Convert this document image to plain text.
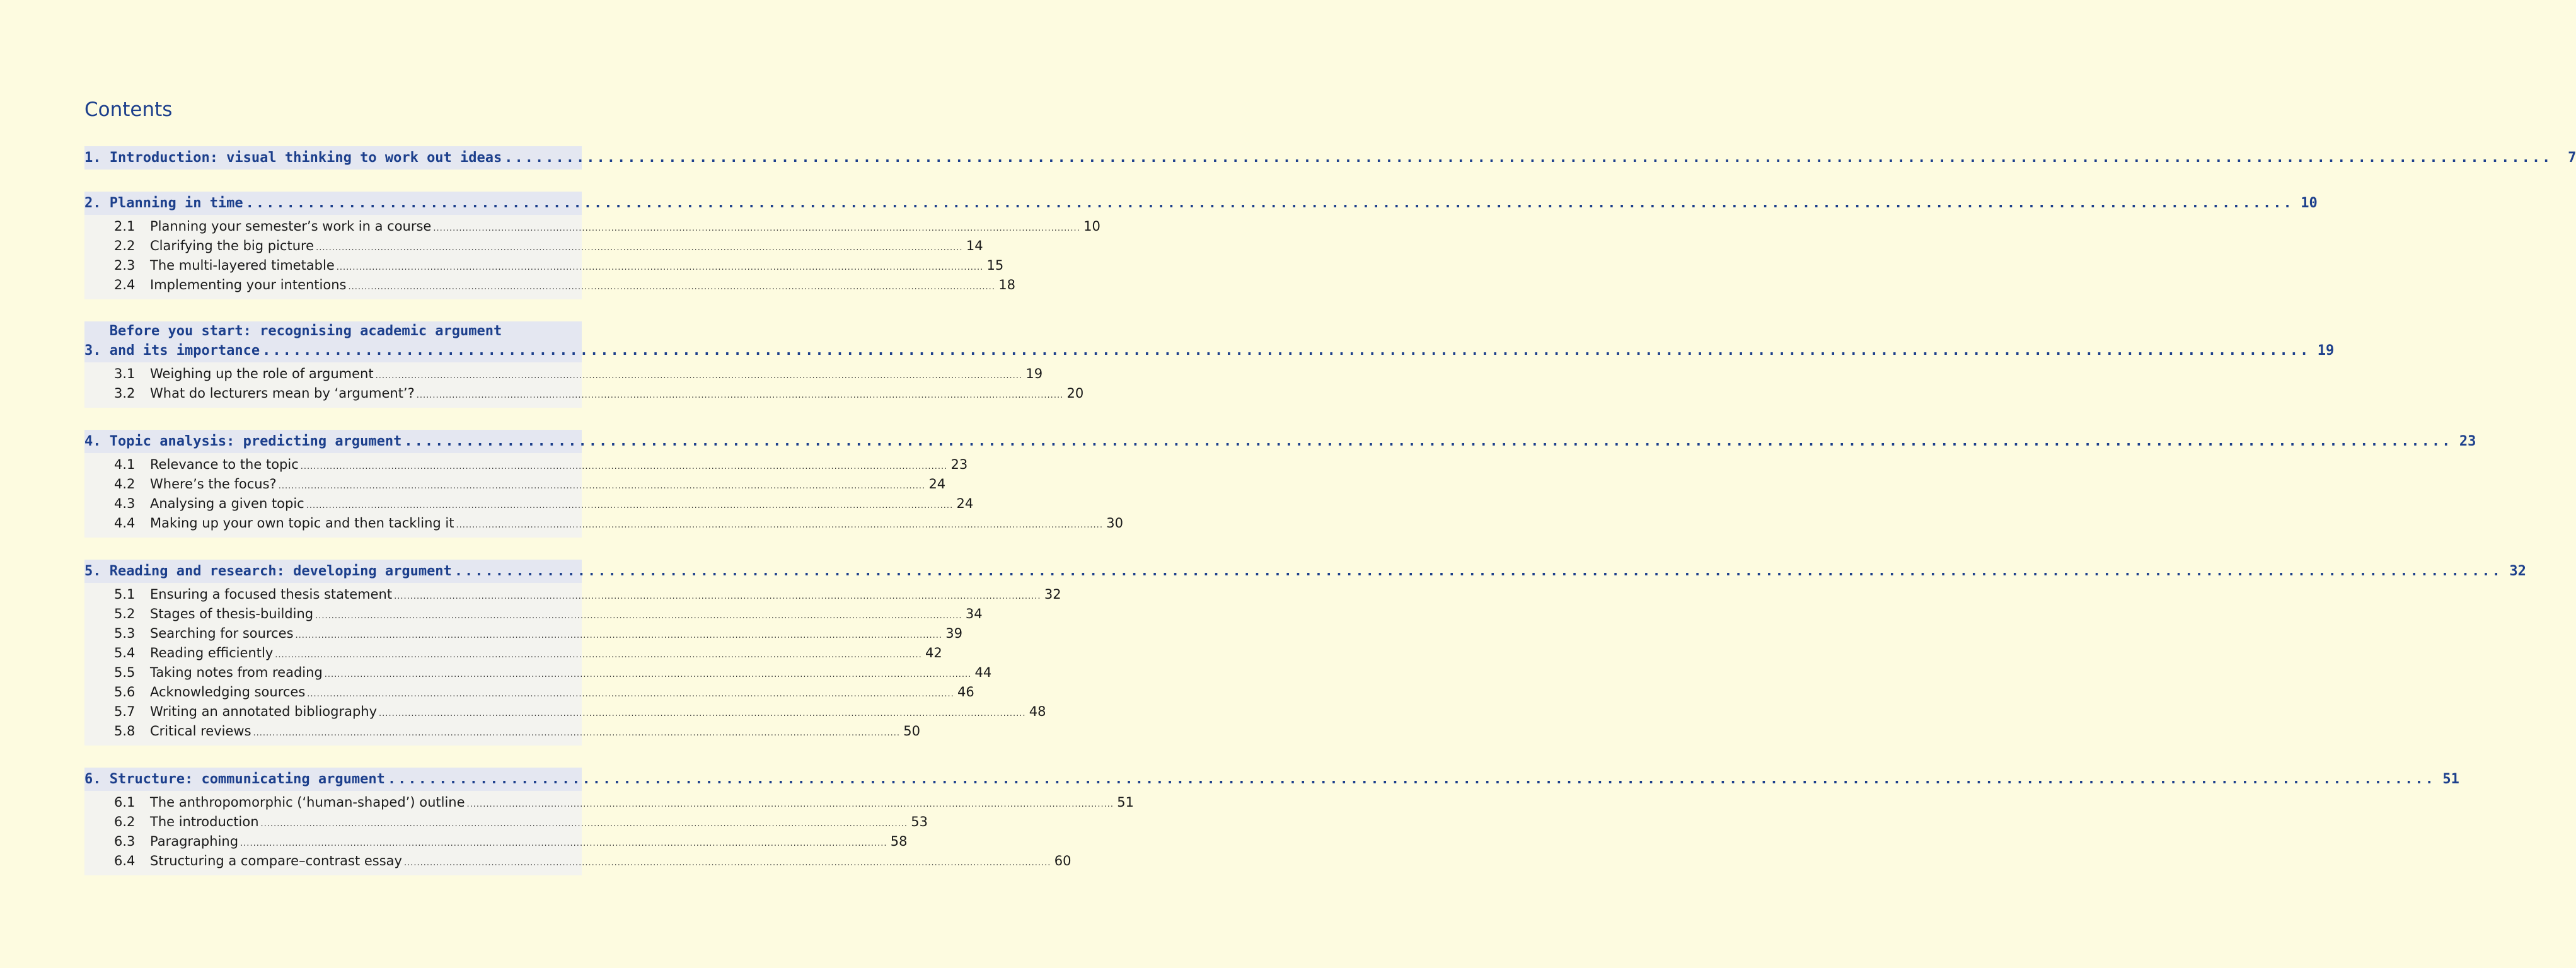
Contents
1. Introduction: visual thinking to work out ideas ........................................................................................................................................................................................................	7
2. Planning in time ........................................................................................................................................................................................................ 10
2.1	Planning your semester’s work in a course ........................................................................................................................................................................................................ 10
2.2	Clarifying the big picture ........................................................................................................................................................................................................ 14
2.3	The multi-layered timetable ........................................................................................................................................................................................................ 15
2.4	Implementing your intentions ........................................................................................................................................................................................................ 18
3.
Before you start: recognising academic argument
and its importance ........................................................................................................................................................................................................ 19
3.1	Weighing up the role of argument ........................................................................................................................................................................................................ 19
3.2	What do lecturers mean by ‘argument’? ........................................................................................................................................................................................................ 20
4. Topic analysis: predicting argument ........................................................................................................................................................................................................ 23
4.1	Relevance to the topic ........................................................................................................................................................................................................ 23
4.2	Where’s the focus? ........................................................................................................................................................................................................ 24
4.3	Analysing a given topic ........................................................................................................................................................................................................ 24
4.4	Making up your own topic and then tackling it ........................................................................................................................................................................................................ 30
5. Reading and research: developing argument ........................................................................................................................................................................................................ 32
5.1	Ensuring a focused thesis statement ........................................................................................................................................................................................................ 32
5.2	Stages of thesis-building ........................................................................................................................................................................................................ 34
5.3	Searching for sources ........................................................................................................................................................................................................ 39
5.4	Reading efficiently ........................................................................................................................................................................................................ 42
5.5	Taking notes from reading ........................................................................................................................................................................................................ 44
5.6	Acknowledging sources ........................................................................................................................................................................................................ 46
5.7	Writing an annotated bibliography ........................................................................................................................................................................................................ 48
5.8	Critical reviews ........................................................................................................................................................................................................ 50
6. Structure: communicating argument ........................................................................................................................................................................................................ 51
6.1	The anthropomorphic (‘human-shaped’) outline ........................................................................................................................................................................................................ 51
6.2	The introduction ........................................................................................................................................................................................................ 53
6.3	Paragraphing ........................................................................................................................................................................................................ 58
6.4	Structuring a compare–contrast essay ........................................................................................................................................................................................................ 60
